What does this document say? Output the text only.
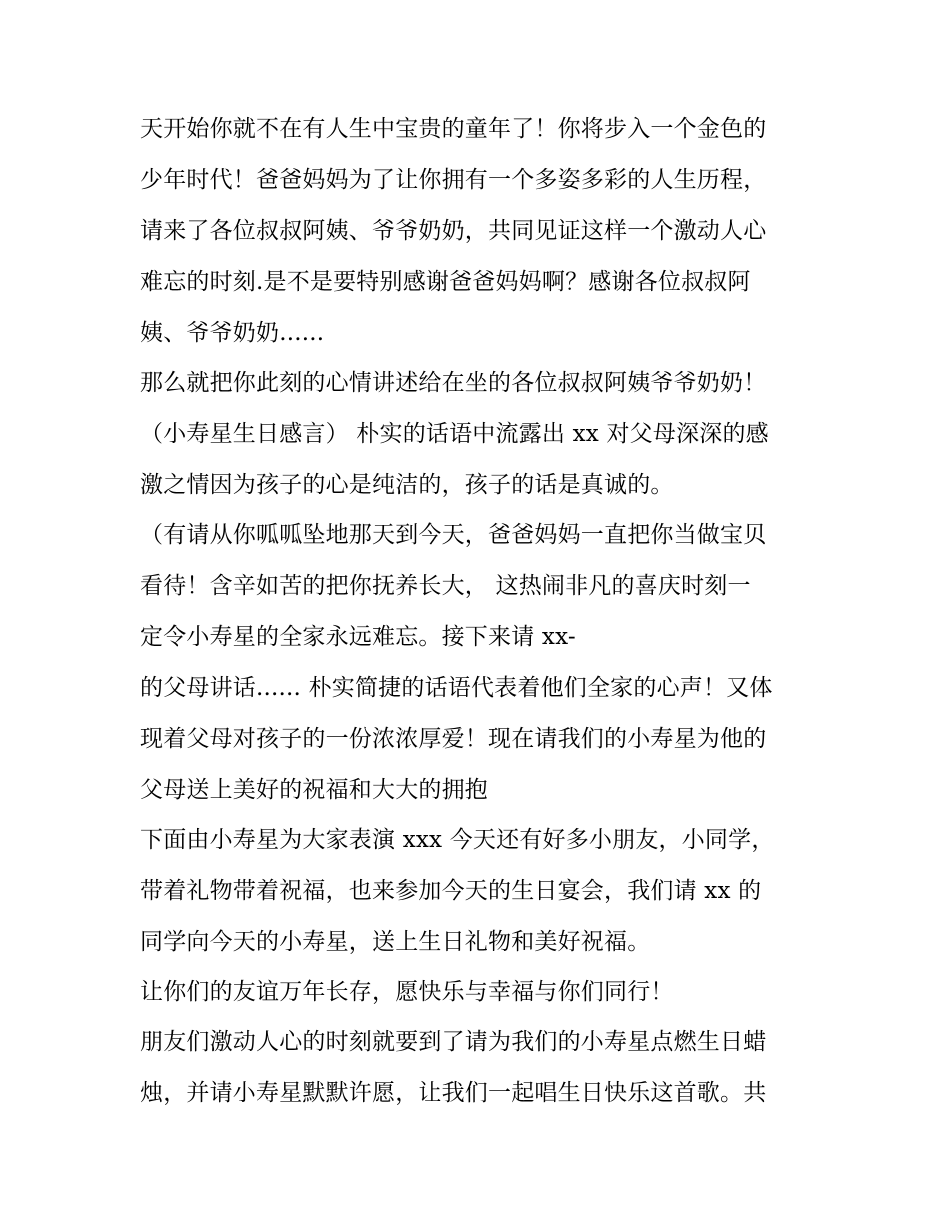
天开始你就不在有人生中宝贵的童年了！你将步入一个金色的
少年时代！爸爸妈妈为了让你拥有一个多姿多彩的人生历程，
请来了各位叔叔阿姨、爷爷奶奶，共同见证这样一个激动人心
难忘的时刻.是不是要特别感谢爸爸妈妈啊？感谢各位叔叔阿
姨、爷爷奶奶......
那么就把你此刻的心情讲述给在坐的各位叔叔阿姨爷爷奶奶！
（小寿星生日感言） 朴实的话语中流露出 xx 对父母深深的感
激之情因为孩子的心是纯洁的，孩子的话是真诚的。
（有请从你呱呱坠地那天到今天，爸爸妈妈一直把你当做宝贝
看待！含辛如苦的把你抚养长大， 这热闹非凡的喜庆时刻一
定令小寿星的全家永远难忘。接下来请 xx-
的父母讲话...... 朴实简捷的话语代表着他们全家的心声！又体
现着父母对孩子的一份浓浓厚爱！现在请我们的小寿星为他的
父母送上美好的祝福和大大的拥抱
下面由小寿星为大家表演 xxx 今天还有好多小朋友，小同学，
带着礼物带着祝福，也来参加今天的生日宴会，我们请 xx 的
同学向今天的小寿星，送上生日礼物和美好祝福。
让你们的友谊万年长存，愿快乐与幸福与你们同行！
朋友们激动人心的时刻就要到了请为我们的小寿星点燃生日蜡
烛，并请小寿星默默许愿，让我们一起唱生日快乐这首歌。共
